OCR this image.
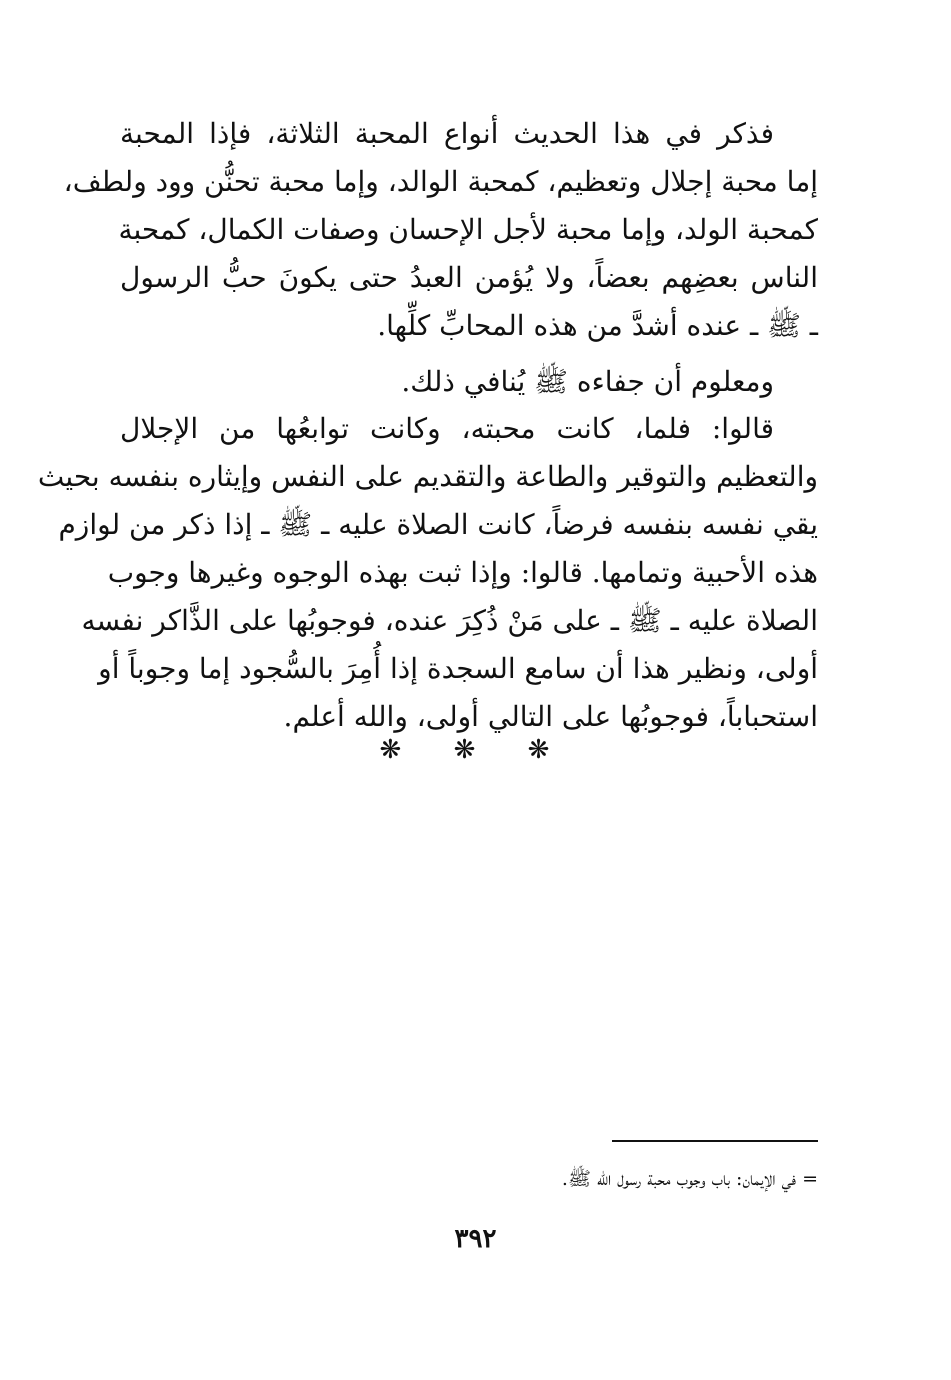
فذكر في هذا الحديث أنواع المحبة الثلاثة، فإذا المحبة
إما محبة إجلال وتعظيم، كمحبة الوالد، وإما محبة تحنُّن وود ولطف،
كمحبة الولد، وإما محبة لأجل الإحسان وصفات الكمال، كمحبة
الناس بعضِهم بعضاً، ولا يُؤمن العبدُ حتى يكونَ حبُّ الرسول
ـ ﷺ ـ عنده أشدَّ من هذه المحابِّ كلِّها.
ومعلوم أن جفاءه ﷺ يُنافي ذلك.
قالوا: فلما، كانت محبته، وكانت توابعُها من الإجلال
والتعظيم والتوقير والطاعة والتقديم على النفس وإيثاره بنفسه بحيث
يقي نفسه بنفسه فرضاً، كانت الصلاة عليه ـ ﷺ ـ إذا ذكر من لوازم
هذه الأحبية وتمامها. قالوا: وإذا ثبت بهذه الوجوه وغيرها وجوب
الصلاة عليه ـ ﷺ ـ على مَنْ ذُكِرَ عنده، فوجوبُها على الذَّاكر نفسه
أولى، ونظير هذا أن سامع السجدة إذا أُمِرَ بالسُّجود إما وجوباً أو
استحباباً، فوجوبُها على التالي أولى، والله أعلم.
❋ ❋ ❋
= في الإيمان: باب وجوب محبة رسول الله ﷺ.
٣٩٢
